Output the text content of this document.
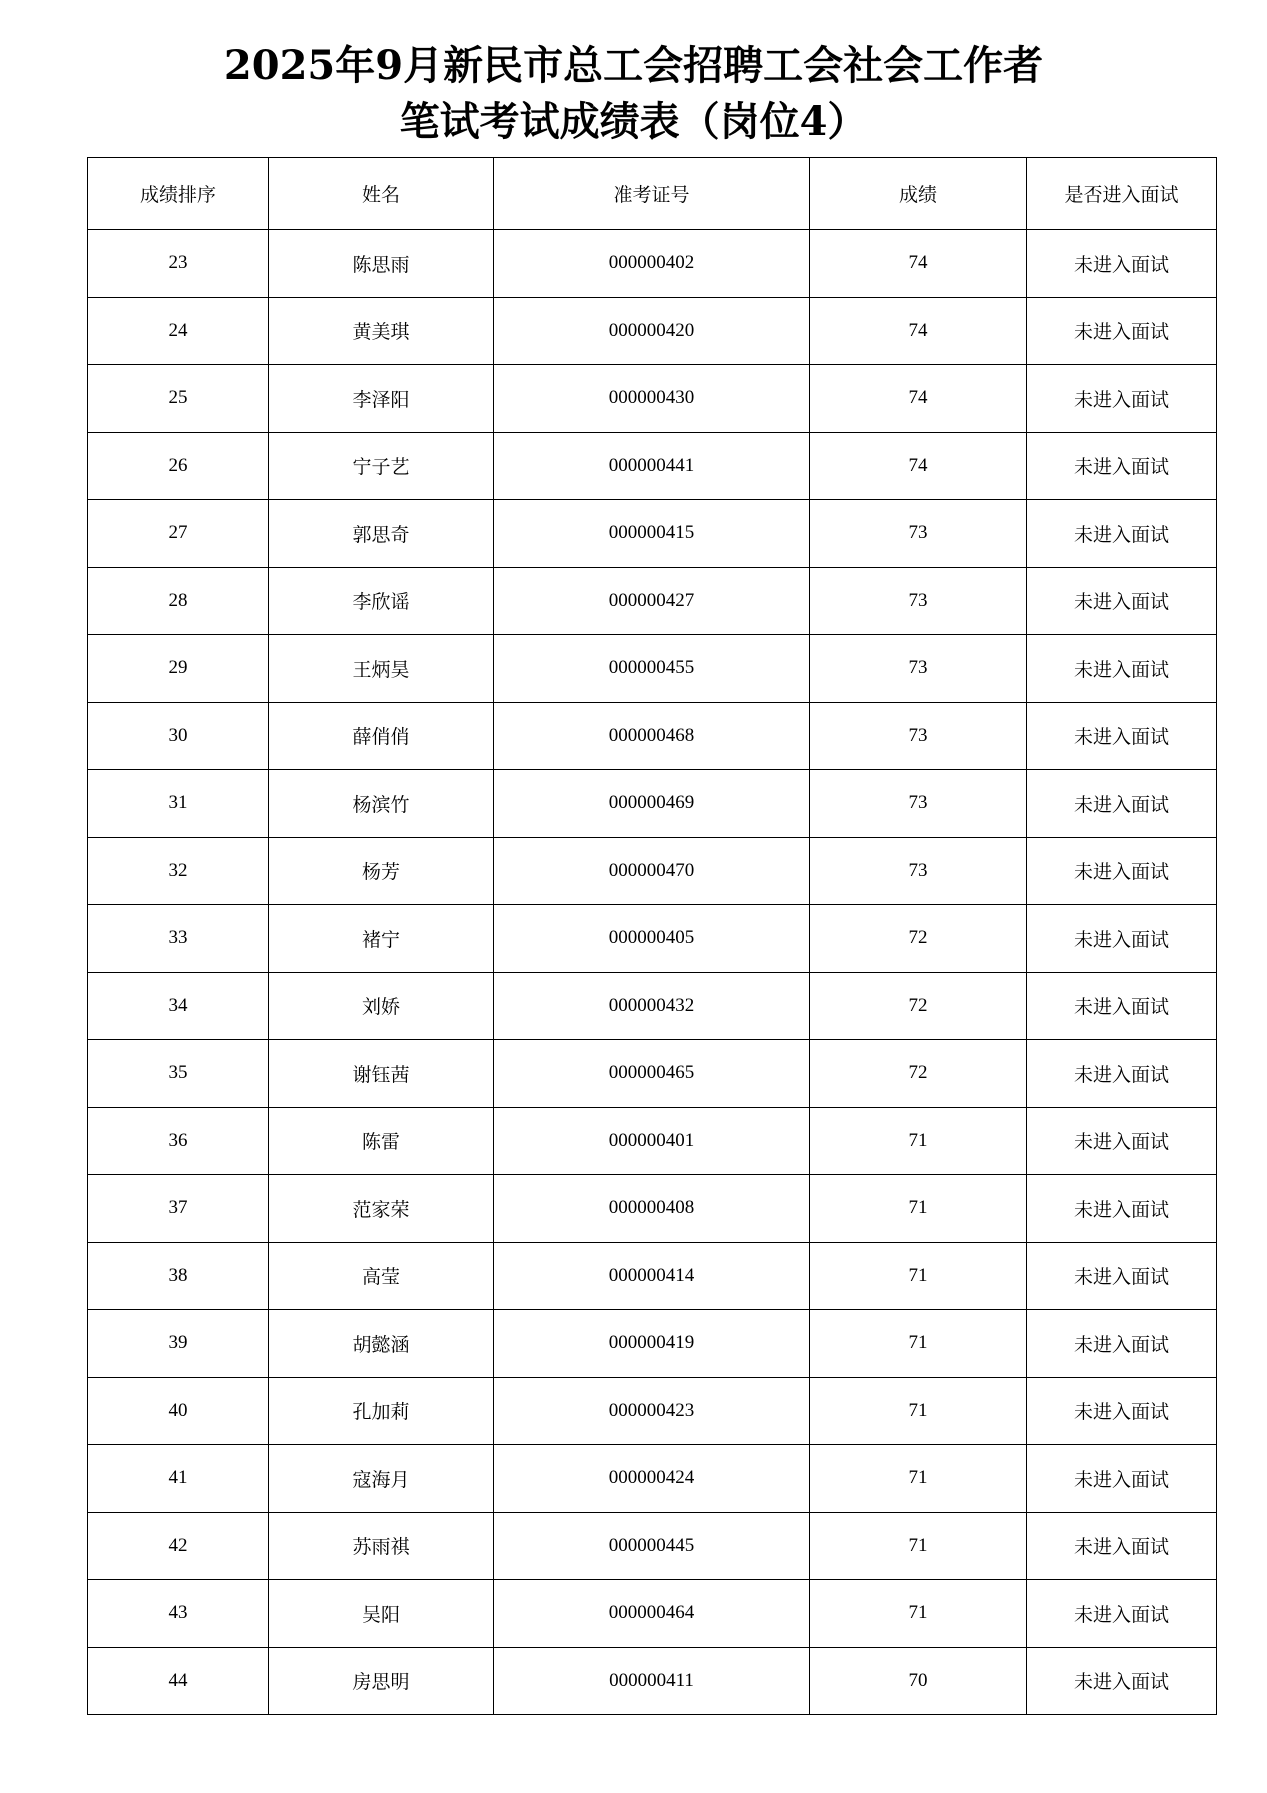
2025年9月新民市总工会招聘工会社会工作者
笔试考试成绩表（岗位4）
成绩排序	姓名	准考证号	成绩	是否进入面试
23	陈思雨	000000402	74	未进入面试
24	黄美琪	000000420	74	未进入面试
25	李泽阳	000000430	74	未进入面试
26	宁子艺	000000441	74	未进入面试
27	郭思奇	000000415	73	未进入面试
28	李欣谣	000000427	73	未进入面试
29	王炳昊	000000455	73	未进入面试
30	薛俏俏	000000468	73	未进入面试
31	杨滨竹	000000469	73	未进入面试
32	杨芳	000000470	73	未进入面试
33	褚宁	000000405	72	未进入面试
34	刘娇	000000432	72	未进入面试
35	谢钰茜	000000465	72	未进入面试
36	陈雷	000000401	71	未进入面试
37	范家荣	000000408	71	未进入面试
38	高莹	000000414	71	未进入面试
39	胡懿涵	000000419	71	未进入面试
40	孔加莉	000000423	71	未进入面试
41	寇海月	000000424	71	未进入面试
42	苏雨祺	000000445	71	未进入面试
43	吴阳	000000464	71	未进入面试
44	房思明	000000411	70	未进入面试
